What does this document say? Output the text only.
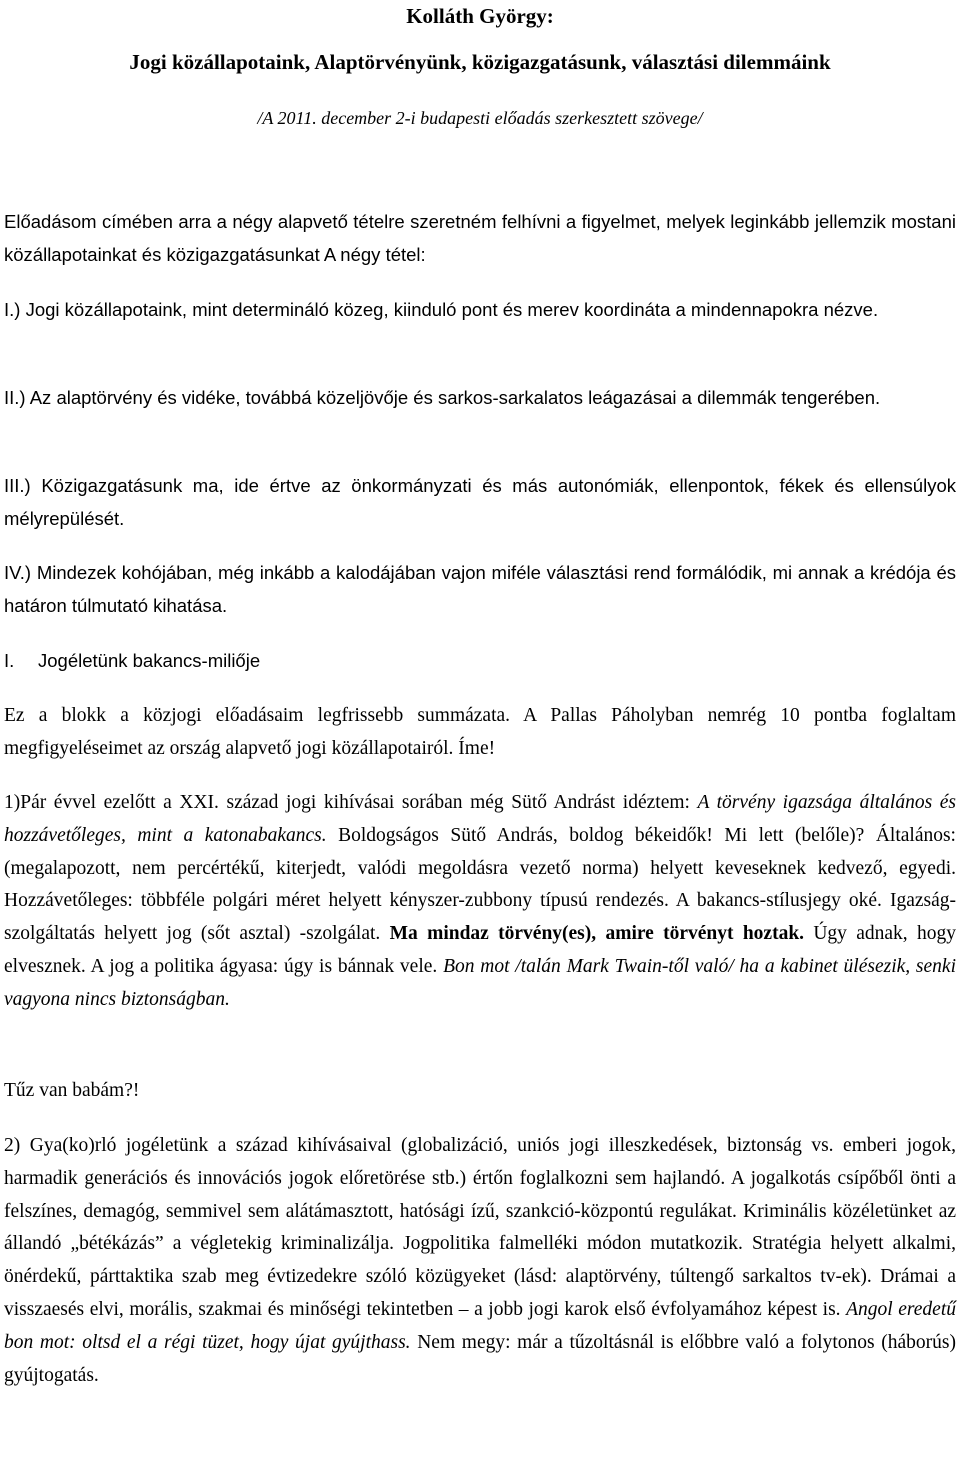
Kolláth György:

Jogi közállapotaink, Alaptörvényünk, közigazgatásunk, választási dilemmáink

/A 2011. december 2-i budapesti előadás szerkesztett szövege/

Előadásom címében arra a négy alapvető tételre szeretném felhívni a figyelmet, melyek leginkább jellemzik mostani közállapotainkat és közigazgatásunkat A négy tétel:

I.) Jogi közállapotaink, mint determináló közeg, kiinduló pont és merev koordináta a mindennapokra nézve.

II.) Az alaptörvény és vidéke, továbbá közeljövője és sarkos-sarkalatos leágazásai a dilemmák tengerében.

III.) Közigazgatásunk ma, ide értve az önkormányzati és más autonómiák, ellenpontok, fékek és ellensúlyok mélyrepülését.

IV.) Mindezek kohójában, még inkább a kalodájában vajon miféle választási rend formálódik, mi annak a krédója és határon túlmutató kihatása.

I. Jogéletünk bakancs-miliője

Ez a blokk a közjogi előadásaim legfrissebb summázata. A Pallas Páholyban nemrég 10 pontba foglaltam megfigyeléseimet az ország alapvető jogi közállapotairól. Íme!

1)Pár évvel ezelőtt a XXI. század jogi kihívásai sorában még Sütő Andrást idéztem: A törvény igazsága általános és hozzávetőleges, mint a katonabakancs. Boldogságos Sütő András, boldog békeidők! Mi lett (belőle)? Általános: (megalapozott, nem percértékű, kiterjedt, valódi megoldásra vezető norma) helyett keveseknek kedvező, egyedi. Hozzávetőleges: többféle polgári méret helyett kényszer-zubbony típusú rendezés. A bakancs-stílusjegy oké. Igazság-szolgáltatás helyett jog (sőt asztal) -szolgálat. Ma mindaz törvény(es), amire törvényt hoztak. Úgy adnak, hogy elvesznek. A jog a politika ágyasa: úgy is bánnak vele. Bon mot /talán Mark Twain-től való/ ha a kabinet ülésezik, senki vagyona nincs biztonságban.

Tűz van babám?!

2) Gya(ko)rló jogéletünk a század kihívásaival (globalizáció, uniós jogi illeszkedések, biztonság vs. emberi jogok, harmadik generációs és innovációs jogok előretörése stb.) értőn foglalkozni sem hajlandó. A jogalkotás csípőből önti a felszínes, demagóg, semmivel sem alátámasztott, hatósági ízű, szankció-központú regulákat. Kriminális közéletünket az állandó „bétékázás” a végletekig kriminalizálja. Jogpolitika falmelléki módon mutatkozik. Stratégia helyett alkalmi, önérdekű, párttaktika szab meg évtizedekre szóló közügyeket (lásd: alaptörvény, túltengő sarkaltos tv-ek). Drámai a visszaesés elvi, morális, szakmai és minőségi tekintetben – a jobb jogi karok első évfolyamához képest is. Angol eredetű bon mot: oltsd el a régi tüzet, hogy újat gyújthass. Nem megy: már a tűzoltásnál is előbbre való a folytonos (háborús) gyújtogatás.
